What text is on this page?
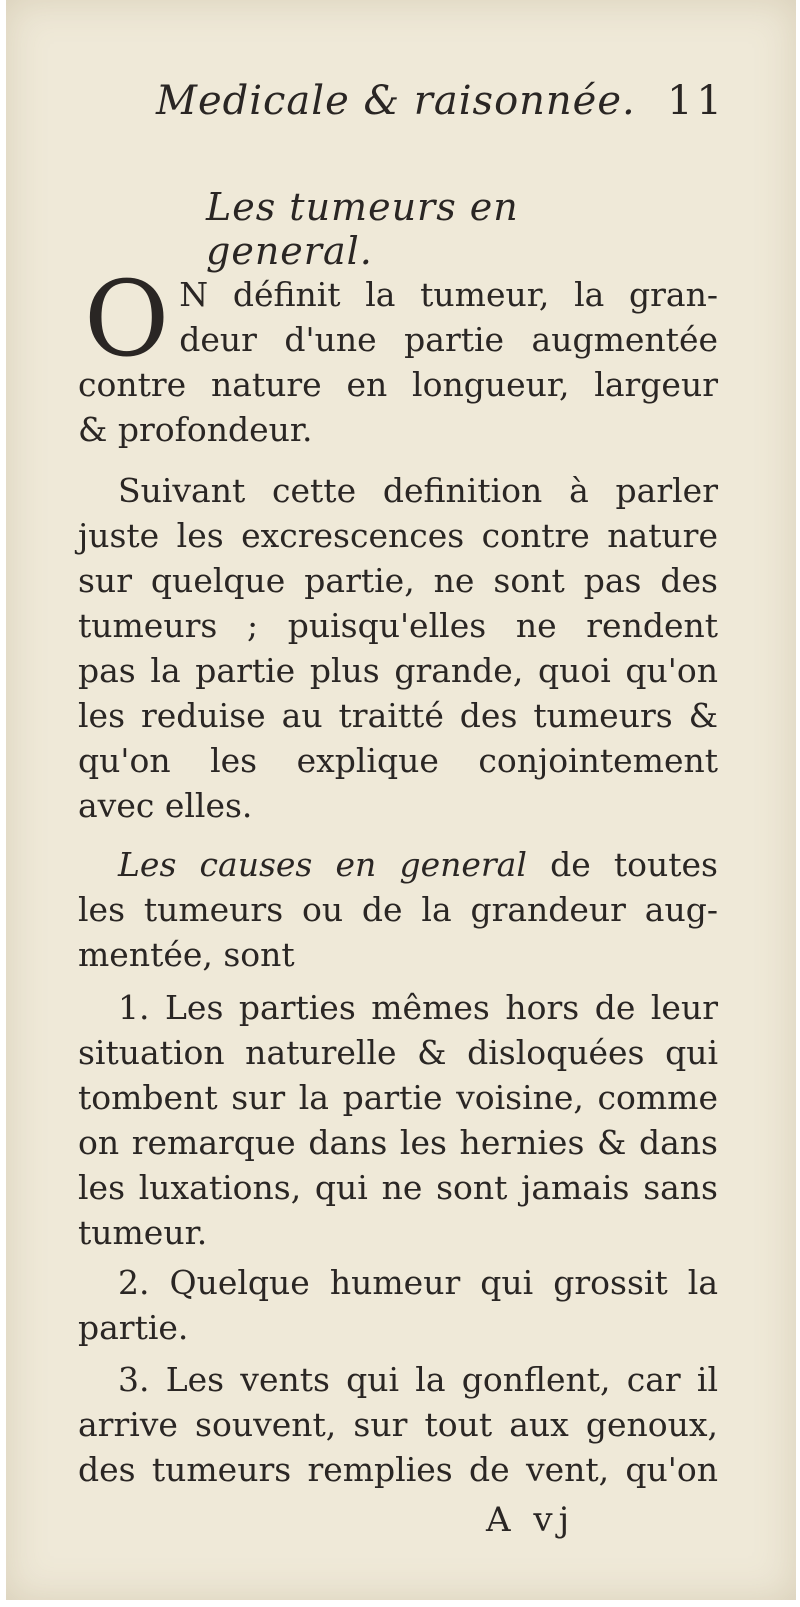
Medicale & raisonnée. 11
Les tumeurs en general.
O N définit la tumeur, la gran-
deur d'une partie augmentée
contre nature en longueur, largeur
& profondeur.
Suivant cette definition à parler
juste les excrescences contre nature
sur quelque partie, ne sont pas des
tumeurs ; puisqu'elles ne rendent
pas la partie plus grande, quoi qu'on
les reduise au traitté des tumeurs &
qu'on les explique conjointement
avec elles.
Les causes en general de toutes
les tumeurs ou de la grandeur aug-
mentée, sont
1. Les parties mêmes hors de leur
situation naturelle & disloquées qui
tombent sur la partie voisine, comme
on remarque dans les hernies & dans
les luxations, qui ne sont jamais sans
tumeur.
2. Quelque humeur qui grossit la
partie.
3. Les vents qui la gonflent, car il
arrive souvent, sur tout aux genoux,
des tumeurs remplies de vent, qu'on
A vj
